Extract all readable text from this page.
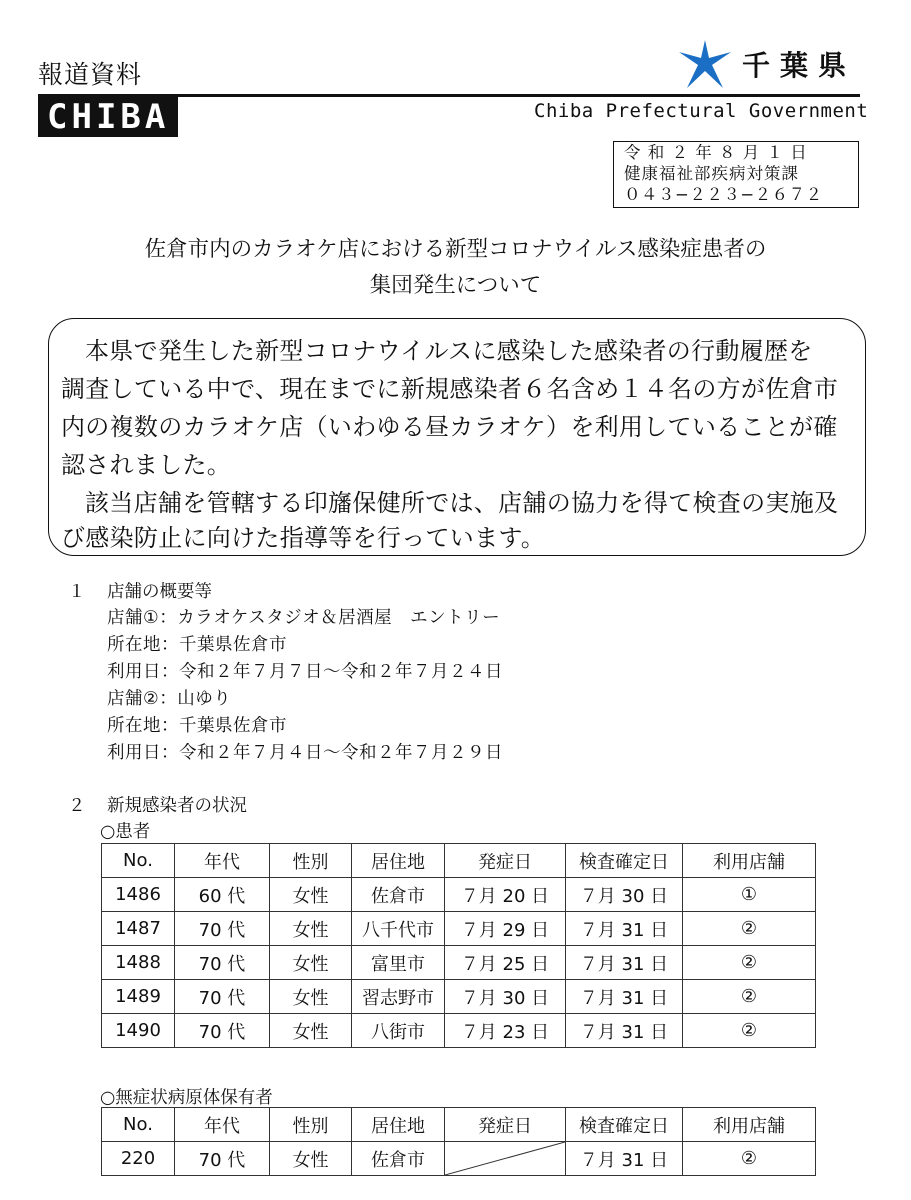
報道資料	千葉県
CHIBA	Chiba Prefectural Government
令 和 ２ 年 ８ 月 １ 日
健康福祉部疾病対策課
０４３−２２３−２６７２
佐倉市内のカラオケ店における新型コロナウイルス感染症患者の
集団発生について
本県で発生した新型コロナウイルスに感染した感染者の行動履歴を
調査している中で、現在までに新規感染者６名含め１４名の方が佐倉市
内の複数のカラオケ店（いわゆる昼カラオケ）を利用していることが確
認されました。
該当店舗を管轄する印旛保健所では、店舗の協力を得て検査の実施及
び感染防止に向けた指導等を行っています。
１ 店舗の概要等
店舗①：カラオケスタジオ＆居酒屋　エントリー
所在地：千葉県佐倉市
利用日：令和２年７月７日〜令和２年７月２４日
店舗②：山ゆり
所在地：千葉県佐倉市
利用日：令和２年７月４日〜令和２年７月２９日
２ 新規感染者の状況
○患者
No.	年代	性別	居住地	発症日	検査確定日	利用店舗
1486	60 代	女性	佐倉市	７月 20 日	７月 30 日	①
1487	70 代	女性	八千代市	７月 29 日	７月 31 日	②
1488	70 代	女性	富里市	７月 25 日	７月 31 日	②
1489	70 代	女性	習志野市	７月 30 日	７月 31 日	②
1490	70 代	女性	八街市	７月 23 日	７月 31 日	②
○無症状病原体保有者
No.	年代	性別	居住地	発症日	検査確定日	利用店舗
220	70 代	女性	佐倉市		７月 31 日	②
